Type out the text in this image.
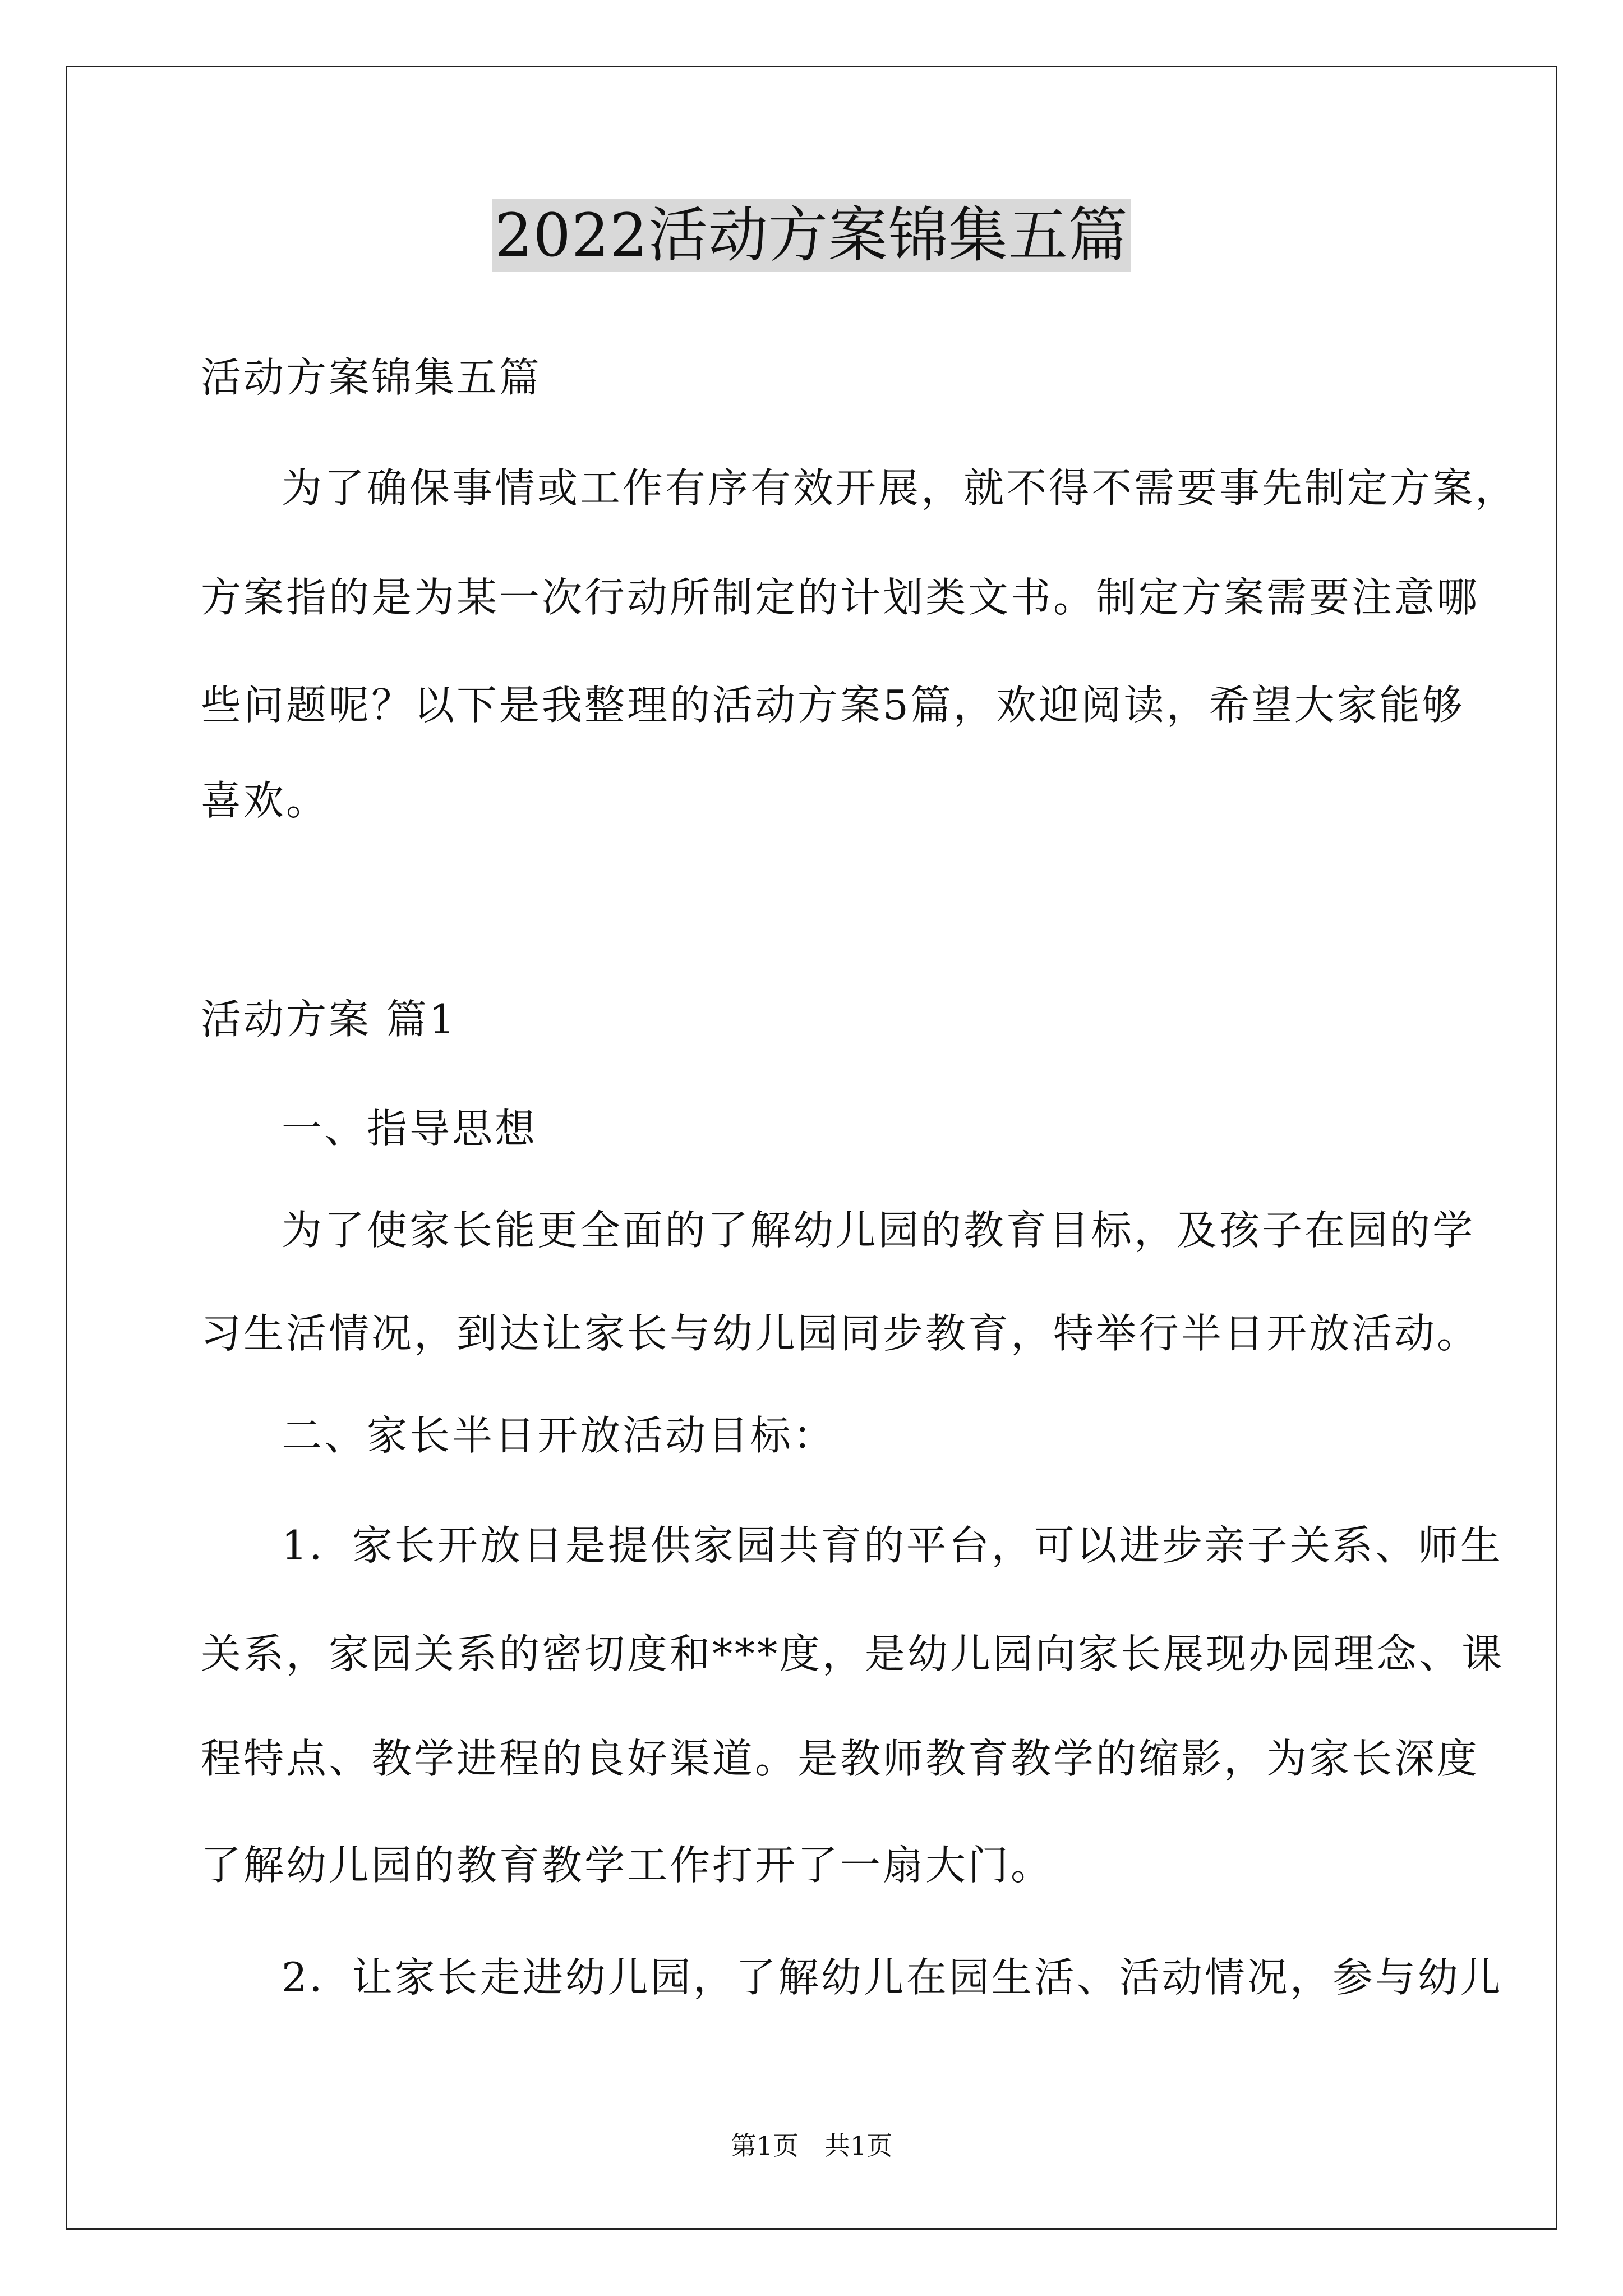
2022活动方案锦集五篇
活动方案锦集五篇
为了确保事情或工作有序有效开展，就不得不需要事先制定方案，
方案指的是为某一次行动所制定的计划类文书。制定方案需要注意哪
些问题呢？以下是我整理的活动方案5篇，欢迎阅读，希望大家能够
喜欢。
活动方案 篇1
一、指导思想
为了使家长能更全面的了解幼儿园的教育目标，及孩子在园的学
习生活情况，到达让家长与幼儿园同步教育，特举行半日开放活动。
二、家长半日开放活动目标：
1．家长开放日是提供家园共育的平台，可以进步亲子关系、师生
关系，家园关系的密切度和***度，是幼儿园向家长展现办园理念、课
程特点、教学进程的良好渠道。是教师教育教学的缩影，为家长深度
了解幼儿园的教育教学工作打开了一扇大门。
2．让家长走进幼儿园，了解幼儿在园生活、活动情况，参与幼儿
第1页　共1页
